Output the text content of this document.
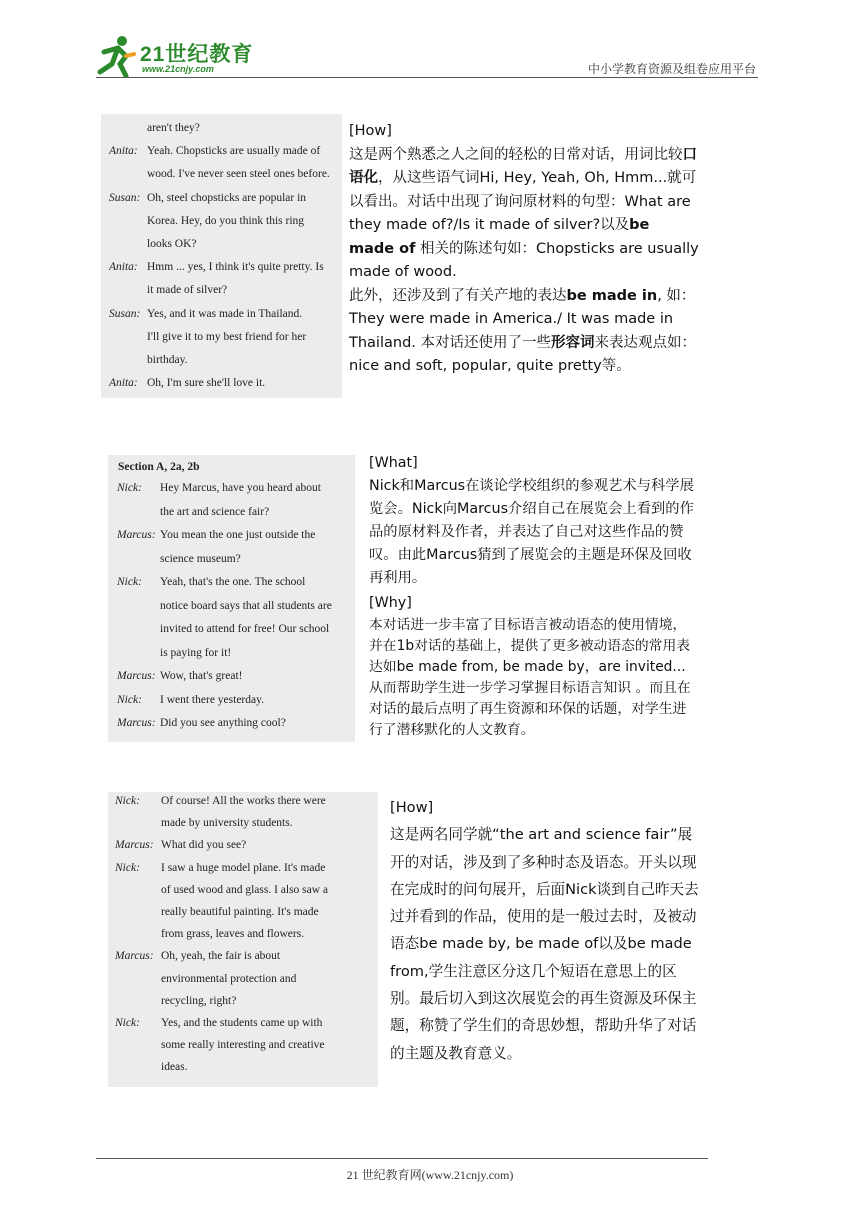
21世纪教育
www.21cnjy.com	中小学教育资源及组卷应用平台
aren't they?
Anita: Yeah. Chopsticks are usually made of
wood. I've never seen steel ones before.
Susan: Oh, steel chopsticks are popular in
Korea. Hey, do you think this ring
looks OK?
Anita: Hmm ... yes, I think it's quite pretty. Is
it made of silver?
Susan: Yes, and it was made in Thailand.
I'll give it to my best friend for her
birthday.
Anita: Oh, I'm sure she'll love it.

[How]

这是两个熟悉之人之间的轻松的日常对话，用词比较口语化，从这些语气词Hi, Hey, Yeah, Oh, Hmm...就可以看出。对话中出现了询问原材料的句型：What are they made of?/Is it made of silver?以及be made of 相关的陈述句如：Chopsticks are usually made of wood.

此外，还涉及到了有关产地的表达be made in, 如：They were made in America./ It was made in Thailand. 本对话还使用了一些形容词来表达观点如：nice and soft, popular, quite pretty等。

Section A, 2a, 2b
Nick: Hey Marcus, have you heard about
the art and science fair?
Marcus: You mean the one just outside the
science museum?
Nick: Yeah, that's the one. The school
notice board says that all students are
invited to attend for free! Our school
is paying for it!
Marcus: Wow, that's great!
Nick: I went there yesterday.
Marcus: Did you see anything cool?

[What]

Nick和Marcus在谈论学校组织的参观艺术与科学展览会。Nick向Marcus介绍自己在展览会上看到的作品的原材料及作者，并表达了自己对这些作品的赞叹。由此Marcus猜到了展览会的主题是环保及回收再利用。

[Why]

本对话进一步丰富了目标语言被动语态的使用情境，并在1b对话的基础上，提供了更多被动语态的常用表达如be made from, be made by，are invited...从而帮助学生进一步学习掌握目标语言知识 。而且在对话的最后点明了再生资源和环保的话题，对学生进行了潜移默化的人文教育。

Nick: Of course! All the works there were
made by university students.
Marcus: What did you see?
Nick: I saw a huge model plane. It's made
of used wood and glass. I also saw a
really beautiful painting. It's made
from grass, leaves and flowers.
Marcus: Oh, yeah, the fair is about
environmental protection and
recycling, right?
Nick: Yes, and the students came up with
some really interesting and creative
ideas.

[How]

这是两名同学就“the art and science fair”展开的对话，涉及到了多种时态及语态。开头以现在完成时的问句展开，后面Nick谈到自己昨天去过并看到的作品，使用的是一般过去时，及被动语态be made by, be made of以及be made from,学生注意区分这几个短语在意思上的区别。最后切入到这次展览会的再生资源及环保主题，称赞了学生们的奇思妙想，帮助升华了对话的主题及教育意义。

21 世纪教育网(www.21cnjy.com)
